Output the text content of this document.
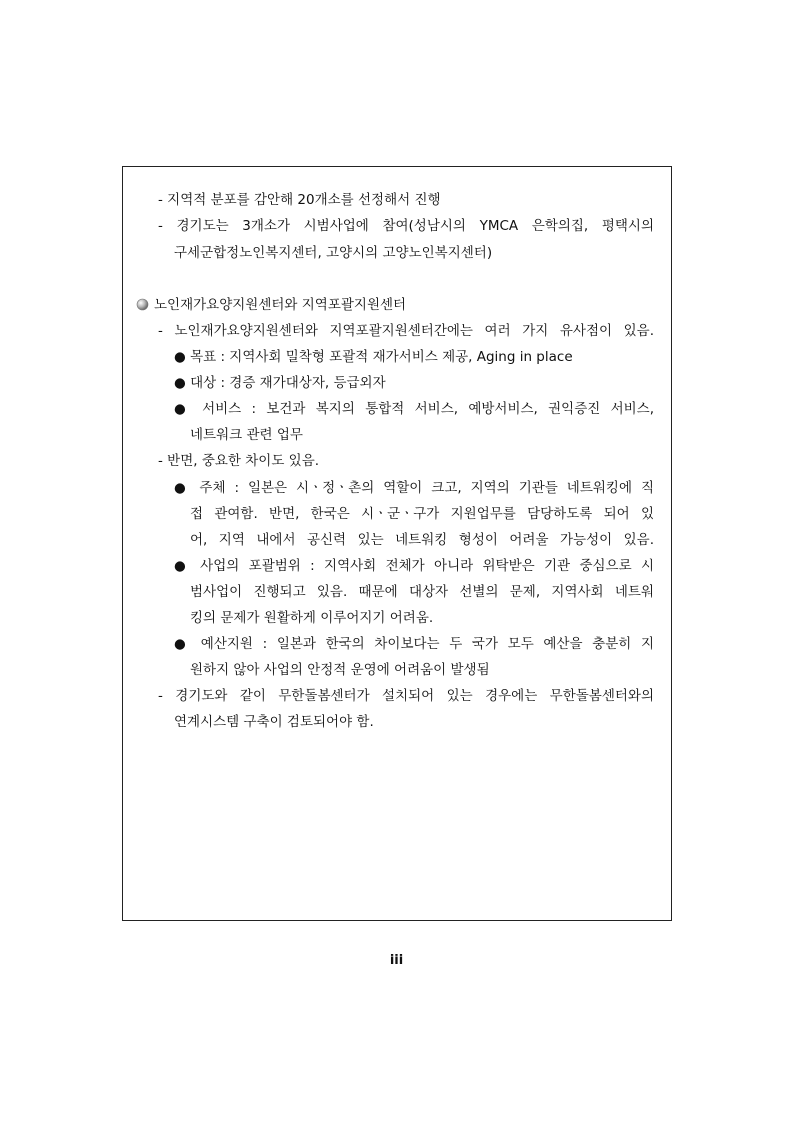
- 지역적 분포를 감안해 20개소를 선정해서 진행

- 경기도는 3개소가 시범사업에 참여(성남시의 YMCA 은학의집, 평택시의

구세군합정노인복지센터, 고양시의 고양노인복지센터)

노인재가요양지원센터와 지역포괄지원센터

- 노인재가요양지원센터와 지역포괄지원센터간에는 여러 가지 유사점이 있음.

● 목표 : 지역사회 밀착형 포괄적 재가서비스 제공, Aging in place

● 대상 : 경증 재가대상자, 등급외자

● 서비스 : 보건과 복지의 통합적 서비스, 예방서비스, 권익증진 서비스,

네트워크 관련 업무

- 반면, 중요한 차이도 있음.

● 주체 : 일본은 시ㆍ정ㆍ촌의 역할이 크고, 지역의 기관들 네트워킹에 직

접 관여함. 반면, 한국은 시ㆍ군ㆍ구가 지원업무를 담당하도록 되어 있

어, 지역 내에서 공신력 있는 네트워킹 형성이 어려울 가능성이 있음.

● 사업의 포괄범위 : 지역사회 전체가 아니라 위탁받은 기관 중심으로 시

범사업이 진행되고 있음. 때문에 대상자 선별의 문제, 지역사회 네트워

킹의 문제가 원활하게 이루어지기 어려움.

● 예산지원 : 일본과 한국의 차이보다는 두 국가 모두 예산을 충분히 지

원하지 않아 사업의 안정적 운영에 어려움이 발생됨

- 경기도와 같이 무한돌봄센터가 설치되어 있는 경우에는 무한돌봄센터와의

연계시스템 구축이 검토되어야 함.

iii
